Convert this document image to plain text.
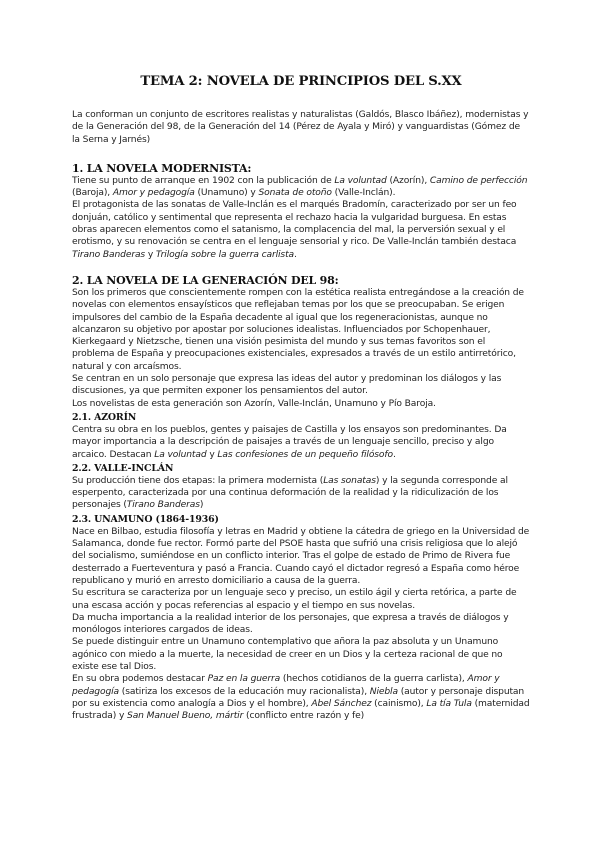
TEMA 2: NOVELA DE PRINCIPIOS DEL S.XX

La conforman un conjunto de escritores realistas y naturalistas (Galdós, Blasco Ibáñez), modernistas y de la Generación del 98, de la Generación del 14 (Pérez de Ayala y Miró) y vanguardistas (Gómez de la Serna y Jarnés)

1. LA NOVELA MODERNISTA:

Tiene su punto de arranque en 1902 con la publicación de La voluntad (Azorín), Camino de perfección (Baroja), Amor y pedagogía (Unamuno) y Sonata de otoño (Valle-Inclán).

El protagonista de las sonatas de Valle-Inclán es el marqués Bradomín, caracterizado por ser un feo donjuán, católico y sentimental que representa el rechazo hacia la vulgaridad burguesa. En estas obras aparecen elementos como el satanismo, la complacencia del mal, la perversión sexual y el erotismo, y su renovación se centra en el lenguaje sensorial y rico. De Valle-Inclán también destaca Tirano Banderas y Trilogía sobre la guerra carlista.

2. LA NOVELA DE LA GENERACIÓN DEL 98:

Son los primeros que conscientemente rompen con la estética realista entregándose a la creación de novelas con elementos ensayísticos que reflejaban temas por los que se preocupaban. Se erigen impulsores del cambio de la España decadente al igual que los regeneracionistas, aunque no alcanzaron su objetivo por apostar por soluciones idealistas. Influenciados por Schopenhauer, Kierkegaard y Nietzsche, tienen una visión pesimista del mundo y sus temas favoritos son el problema de España y preocupaciones existenciales, expresados a través de un estilo antirretórico, natural y con arcaísmos.

Se centran en un solo personaje que expresa las ideas del autor y predominan los diálogos y las discusiones, ya que permiten exponer los pensamientos del autor.

Los novelistas de esta generación son Azorín, Valle-Inclán, Unamuno y Pío Baroja.

2.1. AZORÍN

Centra su obra en los pueblos, gentes y paisajes de Castilla y los ensayos son predominantes. Da mayor importancia a la descripción de paisajes a través de un lenguaje sencillo, preciso y algo arcaico. Destacan La voluntad y Las confesiones de un pequeño filósofo.

2.2. VALLE-INCLÁN

Su producción tiene dos etapas: la primera modernista (Las sonatas) y la segunda corresponde al esperpento, caracterizada por una continua deformación de la realidad y la ridiculización de los personajes (Tirano Banderas)

2.3. UNAMUNO (1864-1936)

Nace en Bilbao, estudia filosofía y letras en Madrid y obtiene la cátedra de griego en la Universidad de Salamanca, donde fue rector. Formó parte del PSOE hasta que sufrió una crisis religiosa que lo alejó del socialismo, sumiéndose en un conflicto interior. Tras el golpe de estado de Primo de Rivera fue desterrado a Fuerteventura y pasó a Francia. Cuando cayó el dictador regresó a España como héroe republicano y murió en arresto domiciliario a causa de la guerra.

Su escritura se caracteriza por un lenguaje seco y preciso, un estilo ágil y cierta retórica, a parte de una escasa acción y pocas referencias al espacio y el tiempo en sus novelas.

Da mucha importancia a la realidad interior de los personajes, que expresa a través de diálogos y monólogos interiores cargados de ideas.

Se puede distinguir entre un Unamuno contemplativo que añora la paz absoluta y un Unamuno agónico con miedo a la muerte, la necesidad de creer en un Dios y la certeza racional de que no existe ese tal Dios.

En su obra podemos destacar Paz en la guerra (hechos cotidianos de la guerra carlista), Amor y pedagogía (satiriza los excesos de la educación muy racionalista), Niebla (autor y personaje disputan por su existencia como analogía a Dios y el hombre), Abel Sánchez (cainismo), La tía Tula (maternidad frustrada) y San Manuel Bueno, mártir (conflicto entre razón y fe)
